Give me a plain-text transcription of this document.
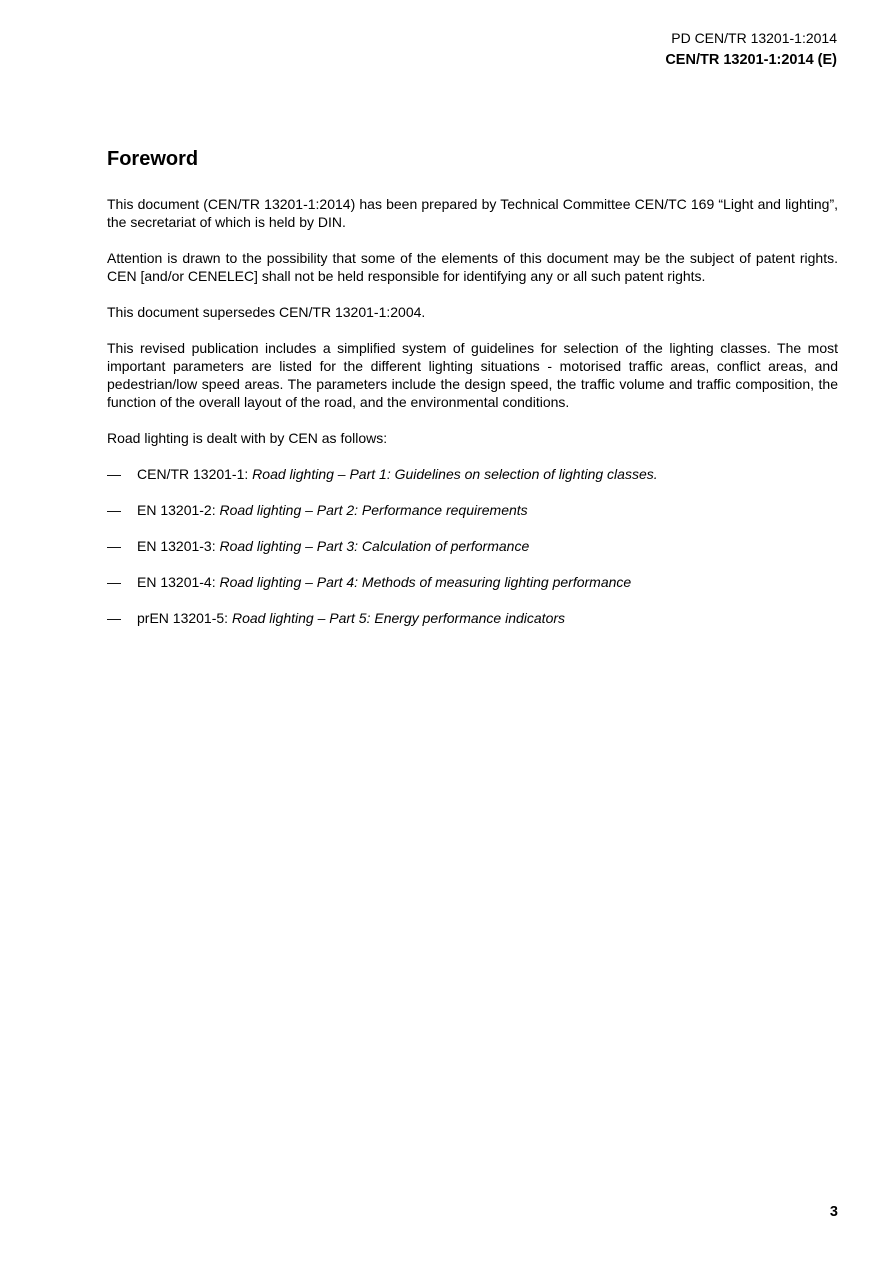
PD CEN/TR 13201-1:2014
CEN/TR 13201-1:2014 (E)
Foreword

This document (CEN/TR 13201-1:2014) has been prepared by Technical Committee CEN/TC 169 “Light and lighting”, the secretariat of which is held by DIN.

Attention is drawn to the possibility that some of the elements of this document may be the subject of patent rights. CEN [and/or CENELEC] shall not be held responsible for identifying any or all such patent rights.

This document supersedes CEN/TR 13201-1:2004.

This revised publication includes a simplified system of guidelines for selection of the lighting classes. The most important parameters are listed for the different lighting situations - motorised traffic areas, conflict areas, and pedestrian/low speed areas. The parameters include the design speed, the traffic volume and traffic composition, the function of the overall layout of the road, and the environmental conditions.

Road lighting is dealt with by CEN as follows:

— CEN/TR 13201-1: Road lighting – Part 1: Guidelines on selection of lighting classes.
— EN 13201-2: Road lighting – Part 2: Performance requirements
— EN 13201-3: Road lighting – Part 3: Calculation of performance
— EN 13201-4: Road lighting – Part 4: Methods of measuring lighting performance
— prEN 13201-5: Road lighting – Part 5: Energy performance indicators
3
